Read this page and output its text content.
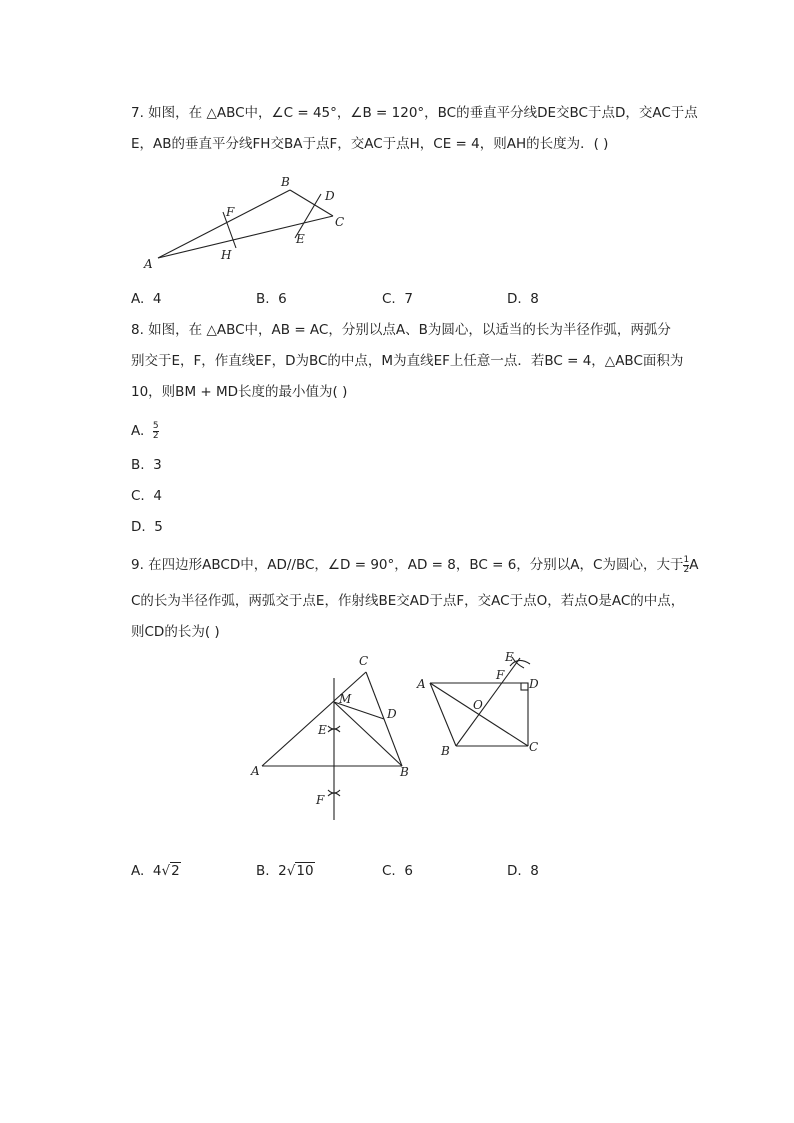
7. 如图，在 △ABC中，∠C = 45°，∠B = 120°，BC的垂直平分线DE交BC于点D，交AC于点
E，AB的垂直平分线FH交BA于点F，交AC于点H，CE = 4，则AH的长度为．( )
A
B
C
D
E
F
H
A. 4	B. 6	C. 7	D. 8
8. 如图，在 △ABC中，AB = AC，分别以点A、B为圆心，以适当的长为半径作弧，两弧分
别交于E，F，作直线EF，D为BC的中点，M为直线EF上任意一点．若BC = 4，△ABC面积为
10，则BM + MD长度的最小值为( )
A. $\frac{5}{2}$
B. 3
C. 4
D. 5
9. 在四边形ABCD中，AD//BC，∠D = 90°，AD = 8，BC = 6，分别以A，C为圆心，大于 $\frac{1}{2}$ A
C的长为半径作弧，两弧交于点E，作射线BE交AD于点F，交AC于点O，若点O是AC的中点，
则CD的长为( )
A	B
C
D
E
F
M
A
B	C
D
E
F
O
A. 4√2	B. 2√10	C. 6	D. 8
